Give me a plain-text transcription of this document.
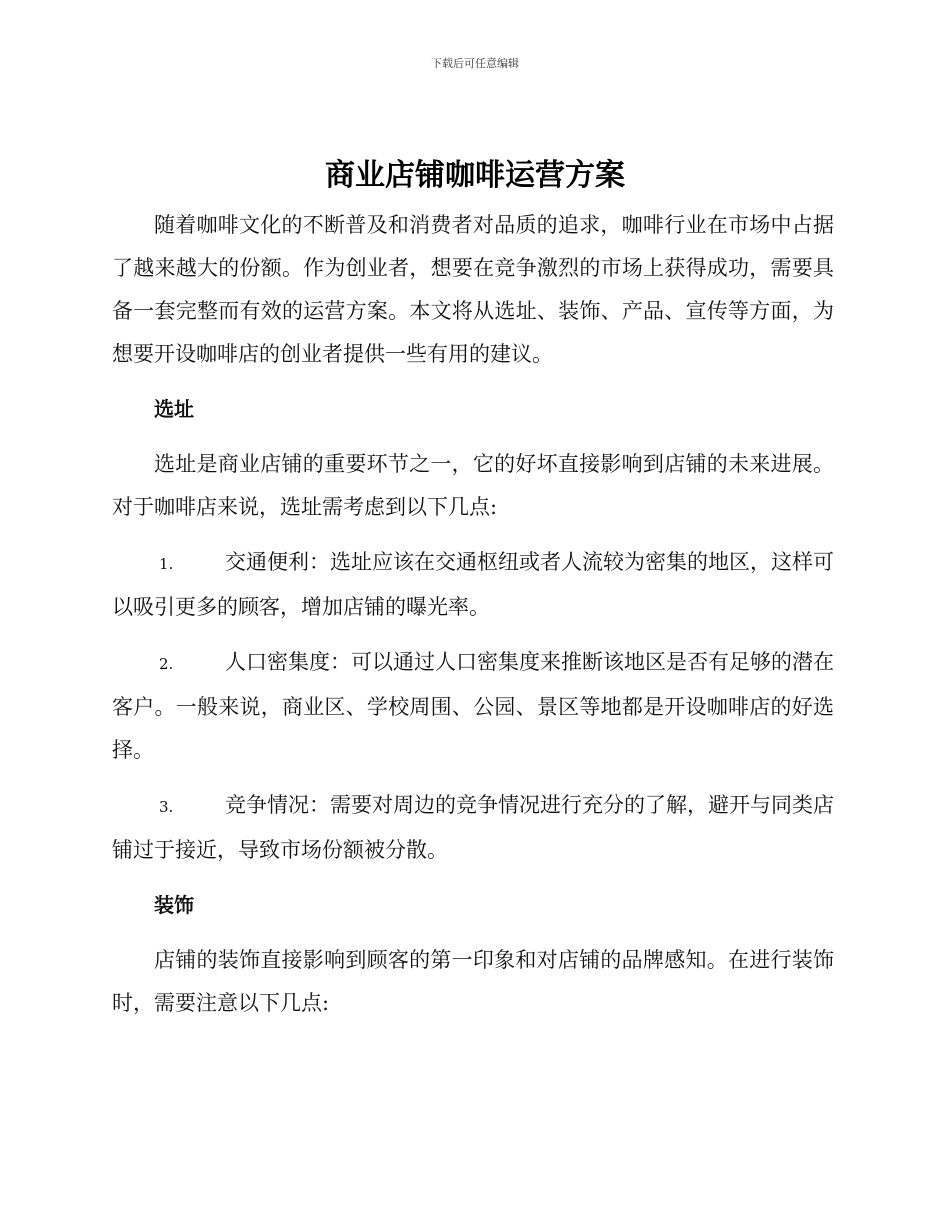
下载后可任意编辑
商业店铺咖啡运营方案

随着咖啡文化的不断普及和消费者对品质的追求，咖啡行业在市场中占据了越来越大的份额。作为创业者，想要在竞争激烈的市场上获得成功，需要具备一套完整而有效的运营方案。本文将从选址、装饰、产品、宣传等方面，为想要开设咖啡店的创业者提供一些有用的建议。

选址

选址是商业店铺的重要环节之一，它的好坏直接影响到店铺的未来进展。对于咖啡店来说，选址需考虑到以下几点:

1. 交通便利：选址应该在交通枢纽或者人流较为密集的地区，这样可以吸引更多的顾客，增加店铺的曝光率。

2. 人口密集度：可以通过人口密集度来推断该地区是否有足够的潜在客户。一般来说，商业区、学校周围、公园、景区等地都是开设咖啡店的好选择。

3. 竞争情况：需要对周边的竞争情况进行充分的了解，避开与同类店铺过于接近，导致市场份额被分散。

装饰

店铺的装饰直接影响到顾客的第一印象和对店铺的品牌感知。在进行装饰时，需要注意以下几点:
